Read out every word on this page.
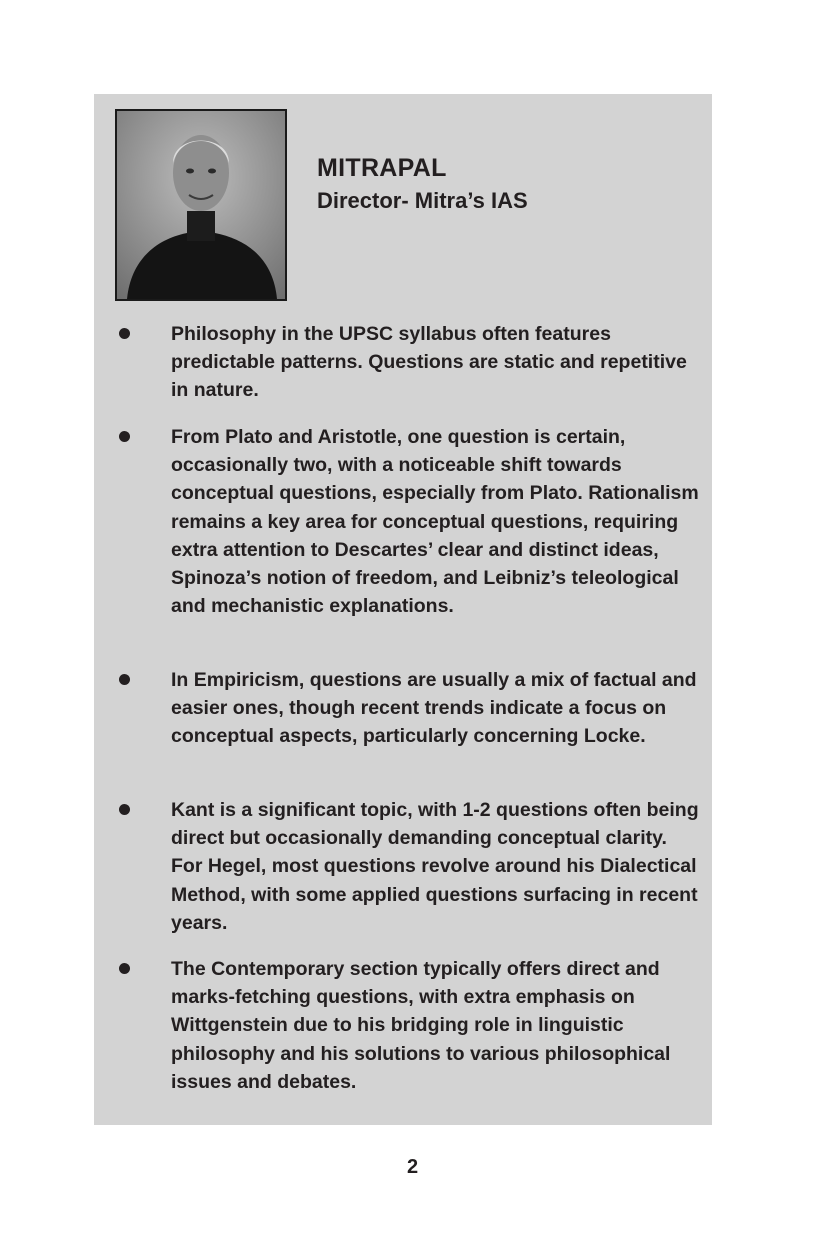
MITRAPAL
Director- Mitra’s IAS
Philosophy in the UPSC syllabus often features predictable patterns. Questions are static and repetitive in nature.
From Plato and Aristotle, one question is certain, occasionally two, with a noticeable shift towards conceptual questions, especially from Plato. Rationalism remains a key area for conceptual questions, requiring extra attention to Descartes’ clear and distinct ideas, Spinoza’s notion of freedom, and Leibniz’s teleological and mechanistic explanations.
In Empiricism, questions are usually a mix of factual and easier ones, though recent trends indicate a focus on conceptual aspects, particularly concerning Locke.
Kant is a significant topic, with 1-2 questions often being direct but occasionally demanding conceptual clarity. For Hegel, most questions revolve around his Dialectical Method, with some applied questions surfacing in recent years.
The Contemporary section typically offers direct and marks-fetching questions, with extra emphasis on Wittgenstein due to his bridging role in linguistic philosophy and his solutions to various philosophical issues and debates.
2
